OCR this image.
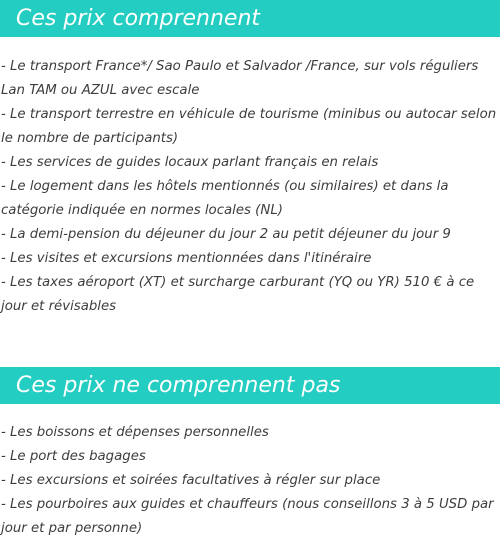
Ces prix comprennent
- Le transport France*/ Sao Paulo et Salvador /France, sur vols réguliers Lan TAM ou AZUL avec escale
- Le transport terrestre en véhicule de tourisme (minibus ou autocar selon le nombre de participants)
- Les services de guides locaux parlant français en relais
- Le logement dans les hôtels mentionnés (ou similaires) et dans la catégorie indiquée en normes locales (NL)
- La demi-pension du déjeuner du jour 2 au petit déjeuner du jour 9
- Les visites et excursions mentionnées dans l'itinéraire
- Les taxes aéroport (XT) et surcharge carburant (YQ ou YR) 510 € à ce jour et révisables
Ces prix ne comprennent pas
- Les boissons et dépenses personnelles
- Le port des bagages
- Les excursions et soirées facultatives à régler sur place
- Les pourboires aux guides et chauffeurs (nous conseillons 3 à 5 USD par jour et par personne)
